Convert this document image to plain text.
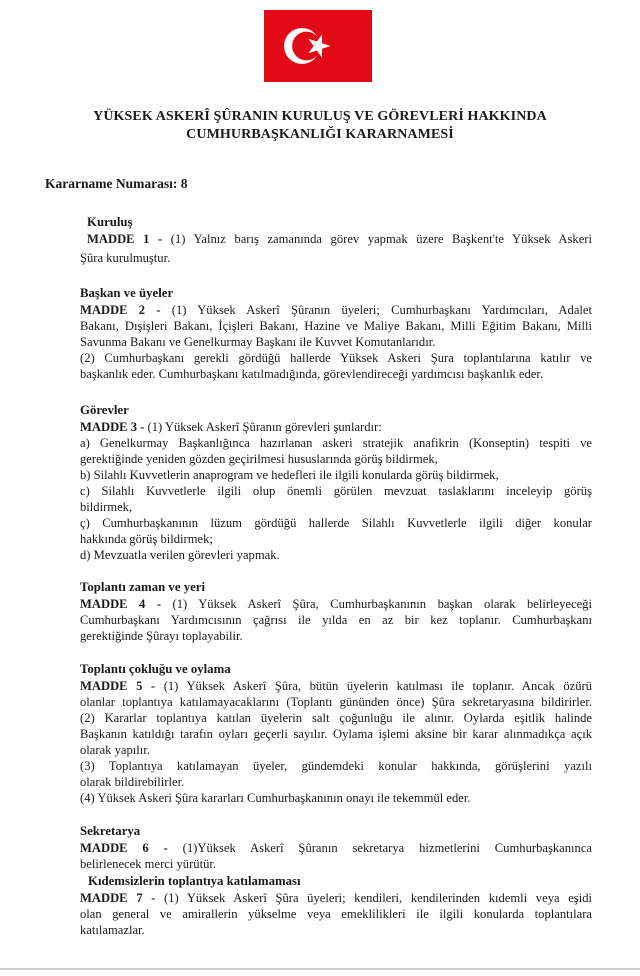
YÜKSEK ASKERÎ ŞÛRANIN KURULUŞ VE GÖREVLERİ HAKKINDA
CUMHURBAŞKANLIĞI KARARNAMESİ
Kararname Numarası: 8
Kuruluş
MADDE 1 - (1) Yalnız barış zamanında görev yapmak üzere Başkent'te Yüksek Askeri
Şûra kurulmuştur.
Başkan ve üyeler
MADDE 2 - (1) Yüksek Askerî Şûranın üyeleri; Cumhurbaşkanı Yardımcıları, Adalet
Bakanı, Dışişleri Bakanı, İçişleri Bakanı, Hazine ve Maliye Bakanı, Milli Eğitim Bakanı, Milli
Savunma Bakanı ve Genelkurmay Başkanı ile Kuvvet Komutanlarıdır.
(2) Cumhurbaşkanı gerekli gördüğü hallerde Yüksek Askeri Şura toplantılarına katılır ve
başkanlık eder. Cumhurbaşkanı katılmadığında, görevlendireceği yardımcısı başkanlık eder.
Görevler
MADDE 3 - (1) Yüksek Askerî Şûranın görevleri şunlardır:
a) Genelkurmay Başkanlığınca hazırlanan askeri stratejik anafikrin (Konseptin) tespiti ve
gerektiğinde yeniden gözden geçirilmesi hususlarında görüş bildirmek,
b) Silahlı Kuvvetlerin anaprogram ve hedefleri ile ilgili konularda görüş bildirmek,
c) Silahlı Kuvvetlerle ilgili olup önemli görülen mevzuat taslaklarını inceleyip görüş
bildirmek,
ç) Cumhurbaşkanının lüzum gördüğü hallerde Silahlı Kuvvetlerle ilgili diğer konular
hakkında görüş bildirmek;
d) Mevzuatla verilen görevleri yapmak.
Toplantı zaman ve yeri
MADDE 4 - (1) Yüksek Askerî Şûra, Cumhurbaşkanının başkan olarak belirleyeceği
Cumhurbaşkanı Yardımcısının çağrısı ile yılda en az bir kez toplanır. Cumhurbaşkanı
gerektiğinde Şûrayı toplayabilir.
Toplantı çokluğu ve oylama
MADDE 5 - (1) Yüksek Askerî Şûra, bütün üyelerin katılması ile toplanır. Ancak özürü
olanlar toplantıya katılamayacaklarını (Toplantı gününden önce) Şûra sekretaryasına bildirirler.
(2) Kararlar toplantıya katılan üyelerin salt çoğunluğu ile alınır. Oylarda eşitlik halinde
Başkanın katıldığı tarafın oyları geçerli sayılır. Oylama işlemi aksine bir karar alınmadıkça açık
olarak yapılır.
(3) Toplantıya katılamayan üyeler, gündemdeki konular hakkında, görüşlerini yazılı
olarak bildirebilirler.
(4) Yüksek Askeri Şûra kararları Cumhurbaşkanının onayı ile tekemmül eder.
Sekretarya
MADDE 6 - (1)Yüksek Askerî Şûranın sekretarya hizmetlerini Cumhurbaşkanınca
belirlenecek merci yürütür.
Kıdemsizlerin toplantıya katılamaması
MADDE 7 - (1) Yüksek Askerî Şûra üyeleri; kendileri, kendilerinden kıdemli veya eşidi
olan general ve amirallerin yükselme veya emeklilikleri ile ilgili konularda toplantılara
katılamazlar.
